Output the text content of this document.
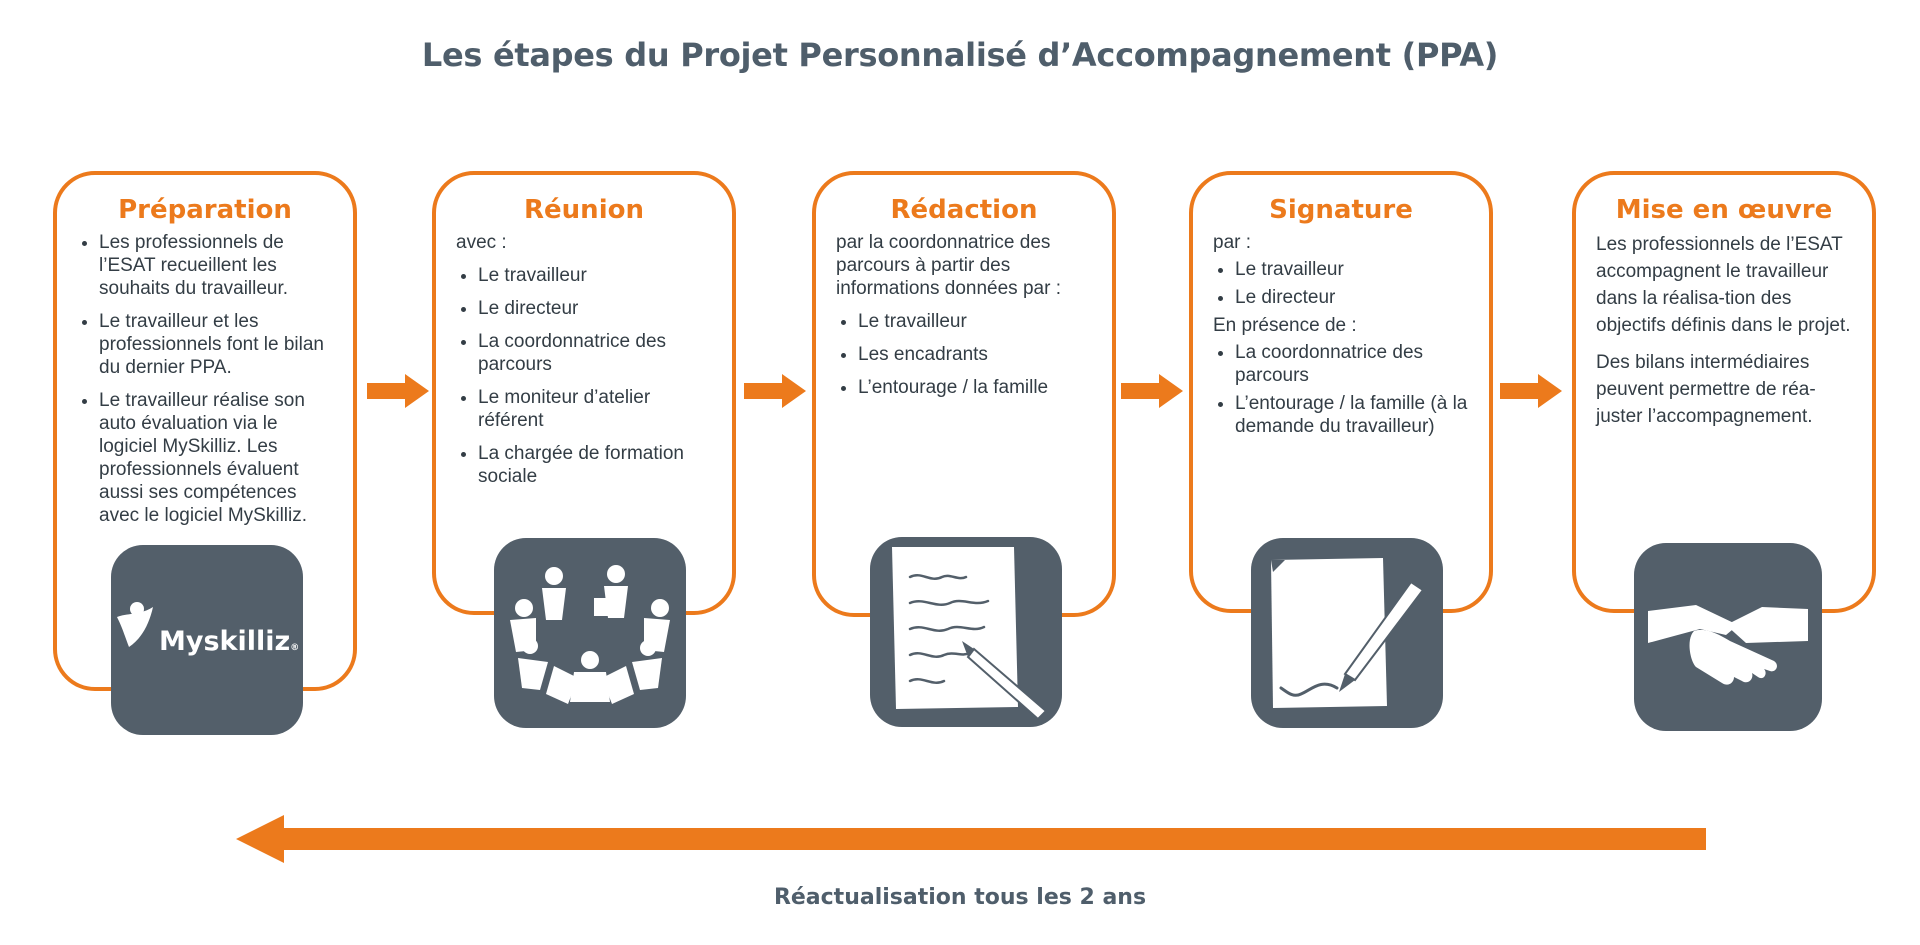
Les étapes du Projet Personnalisé d’Accompagnement (PPA)
Préparation
• Les professionnels de l’ESAT recueillent les souhaits du travailleur.
• Le travailleur et les professionnels font le bilan du dernier PPA.
• Le travailleur réalise son auto évaluation via le logiciel MySkilliz. Les professionnels évaluent aussi ses compétences avec le logiciel MySkilliz.
Myskilliz®
Réunion

avec :

• Le travailleur
• Le directeur
• La coordonnatrice des parcours
• Le moniteur d’atelier référent
• La chargée de formation sociale
Rédaction

par la coordonnatrice des parcours à partir des informations données par :

• Le travailleur
• Les encadrants
• L’entourage / la famille
Signature

par :

• Le travailleur
• Le directeur

En présence de :

• La coordonnatrice des parcours
• L’entourage / la famille (à la demande du travailleur)
Mise en œuvre

Les professionnels de l’ESAT accompagnent le travailleur dans la réalisa-tion des objectifs définis dans le projet.

Des bilans intermédiaires peuvent permettre de réa-juster l’accompagnement.

Réactualisation tous les 2 ans
